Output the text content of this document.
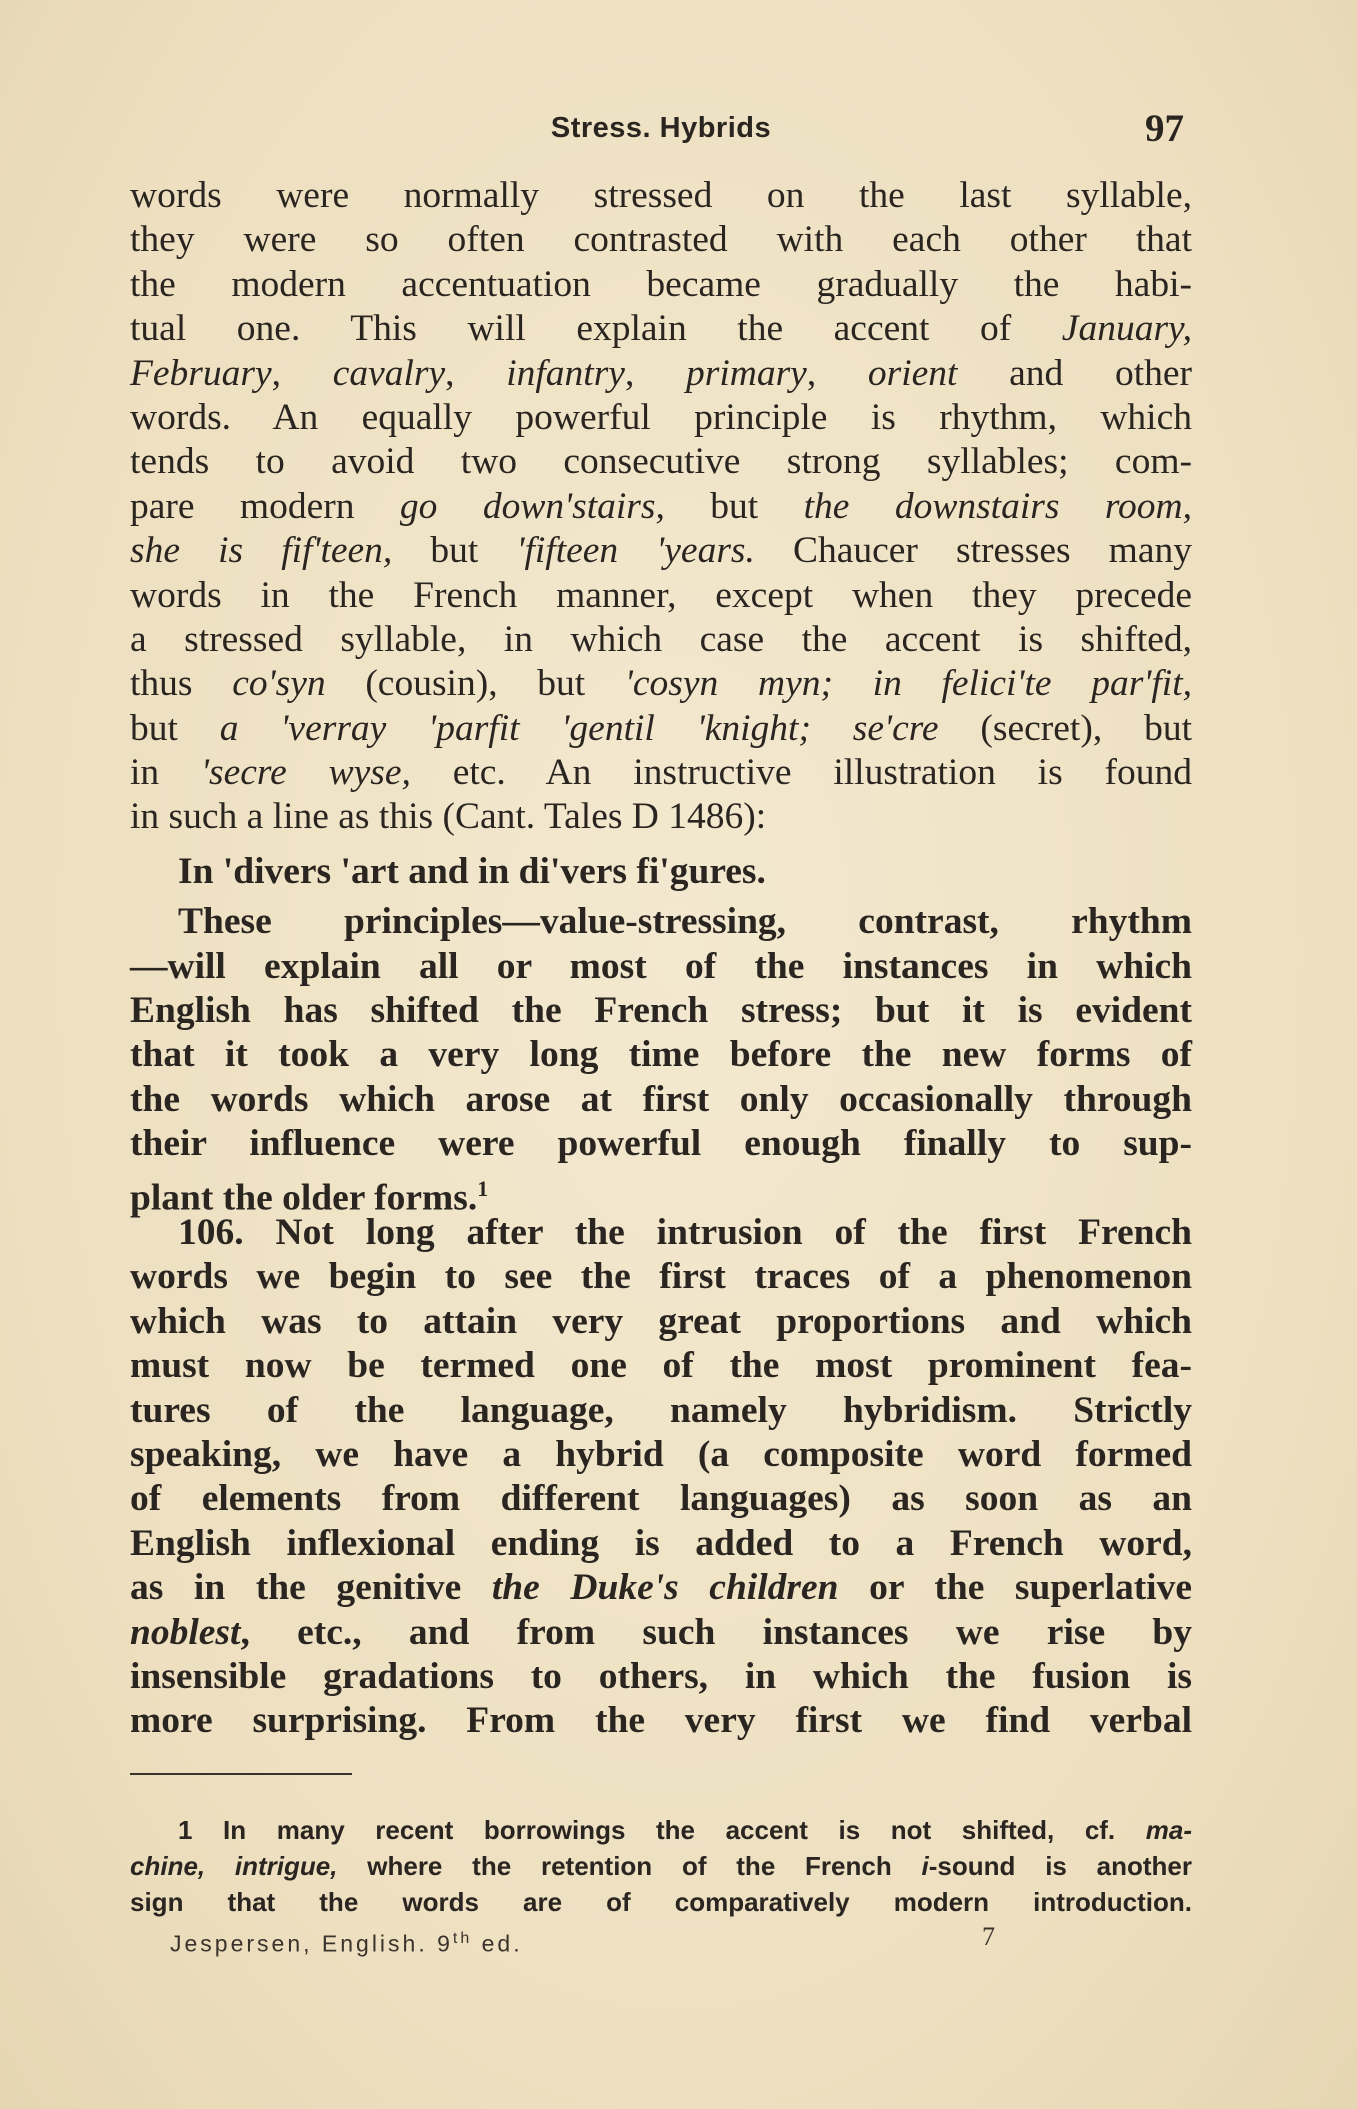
Stress. Hybrids	97
words were normally stressed on the last syllable,
they were so often contrasted with each other that
the modern accentuation became gradually the habi-
tual one. This will explain the accent of January,
February, cavalry, infantry, primary, orient and other
words. An equally powerful principle is rhythm, which
tends to avoid two consecutive strong syllables; com-
pare modern go down'stairs, but the downstairs room,
she is fif'teen, but 'fifteen 'years. Chaucer stresses many
words in the French manner, except when they precede
a stressed syllable, in which case the accent is shifted,
thus co'syn (cousin), but 'cosyn myn; in felici'te par'fit,
but a 'verray 'parfit 'gentil 'knight; se'cre (secret), but
in 'secre wyse, etc. An instructive illustration is found
in such a line as this (Cant. Tales D 1486):
In 'divers 'art and in di'vers fi'gures.
These principles—value-stressing, contrast, rhythm
—will explain all or most of the instances in which
English has shifted the French stress; but it is evident
that it took a very long time before the new forms of
the words which arose at first only occasionally through
their influence were powerful enough finally to sup-
plant the older forms.$^1$
106. Not long after the intrusion of the first French
words we begin to see the first traces of a phenomenon
which was to attain very great proportions and which
must now be termed one of the most prominent fea-
tures of the language, namely hybridism. Strictly
speaking, we have a hybrid (a composite word formed
of elements from different languages) as soon as an
English inflexional ending is added to a French word,
as in the genitive the Duke's children or the superlative
noblest, etc., and from such instances we rise by
insensible gradations to others, in which the fusion is
more surprising. From the very first we find verbal
1 In many recent borrowings the accent is not shifted, cf. ma-
chine, intrigue, where the retention of the French i-sound is another
sign that the words are of comparatively modern introduction.
Jespersen, English. 9th ed.	7
